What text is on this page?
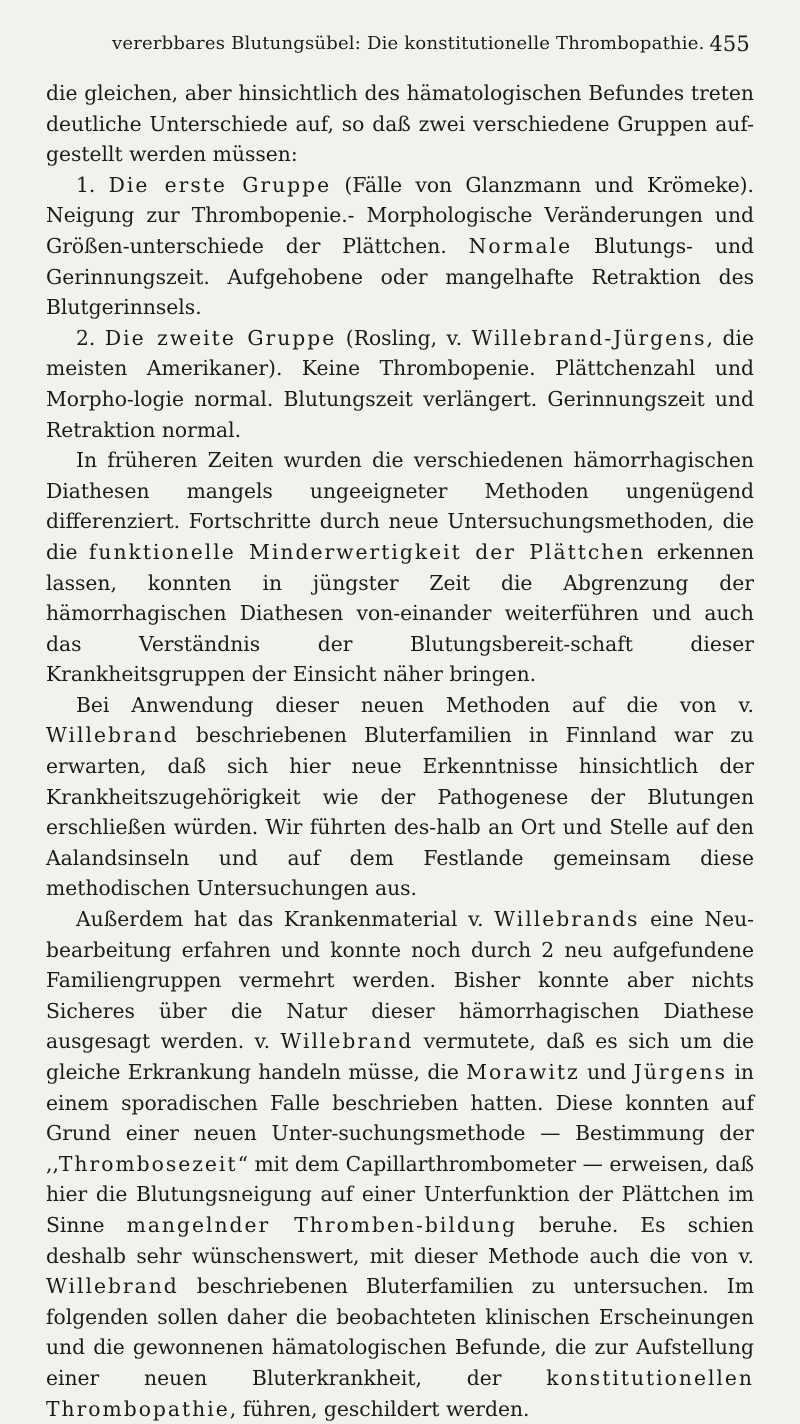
vererbbares Blutungsübel: Die konstitutionelle Thrombopathie. 455

die gleichen, aber hinsichtlich des hämatologischen Befundes treten deutliche Unterschiede auf, so daß zwei verschiedene Gruppen auf-gestellt werden müssen:

1. Die erste Gruppe (Fälle von Glanzmann und Krömeke). Neigung zur Thrombopenie.- Morphologische Veränderungen und Größen-unterschiede der Plättchen. Normale Blutungs- und Gerinnungszeit. Aufgehobene oder mangelhafte Retraktion des Blutgerinnsels.

2. Die zweite Gruppe (Rosling, v. Willebrand-Jürgens, die meisten Amerikaner). Keine Thrombopenie. Plättchenzahl und Morpho-logie normal. Blutungszeit verlängert. Gerinnungszeit und Retraktion normal.

In früheren Zeiten wurden die verschiedenen hämorrhagischen Diathesen mangels ungeeigneter Methoden ungenügend differenziert. Fortschritte durch neue Untersuchungsmethoden, die die funktionelle Minderwertigkeit der Plättchen erkennen lassen, konnten in jüngster Zeit die Abgrenzung der hämorrhagischen Diathesen von-einander weiterführen und auch das Verständnis der Blutungsbereit-schaft dieser Krankheitsgruppen der Einsicht näher bringen.

Bei Anwendung dieser neuen Methoden auf die von v. Willebrand beschriebenen Bluterfamilien in Finnland war zu erwarten, daß sich hier neue Erkenntnisse hinsichtlich der Krankheitszugehörigkeit wie der Pathogenese der Blutungen erschließen würden. Wir führten des-halb an Ort und Stelle auf den Aalandsinseln und auf dem Festlande gemeinsam diese methodischen Untersuchungen aus.

Außerdem hat das Krankenmaterial v. Willebrands eine Neu-bearbeitung erfahren und konnte noch durch 2 neu aufgefundene Familiengruppen vermehrt werden. Bisher konnte aber nichts Sicheres über die Natur dieser hämorrhagischen Diathese ausgesagt werden. v. Willebrand vermutete, daß es sich um die gleiche Erkrankung handeln müsse, die Morawitz und Jürgens in einem sporadischen Falle beschrieben hatten. Diese konnten auf Grund einer neuen Unter-suchungsmethode — Bestimmung der ,,Thrombosezeit“ mit dem Capillarthrombometer — erweisen, daß hier die Blutungsneigung auf einer Unterfunktion der Plättchen im Sinne mangelnder Thromben-bildung beruhe. Es schien deshalb sehr wünschenswert, mit dieser Methode auch die von v. Willebrand beschriebenen Bluterfamilien zu untersuchen. Im folgenden sollen daher die beobachteten klinischen Erscheinungen und die gewonnenen hämatologischen Befunde, die zur Aufstellung einer neuen Bluterkrankheit, der konstitutionellen Thrombopathie, führen, geschildert werden.
